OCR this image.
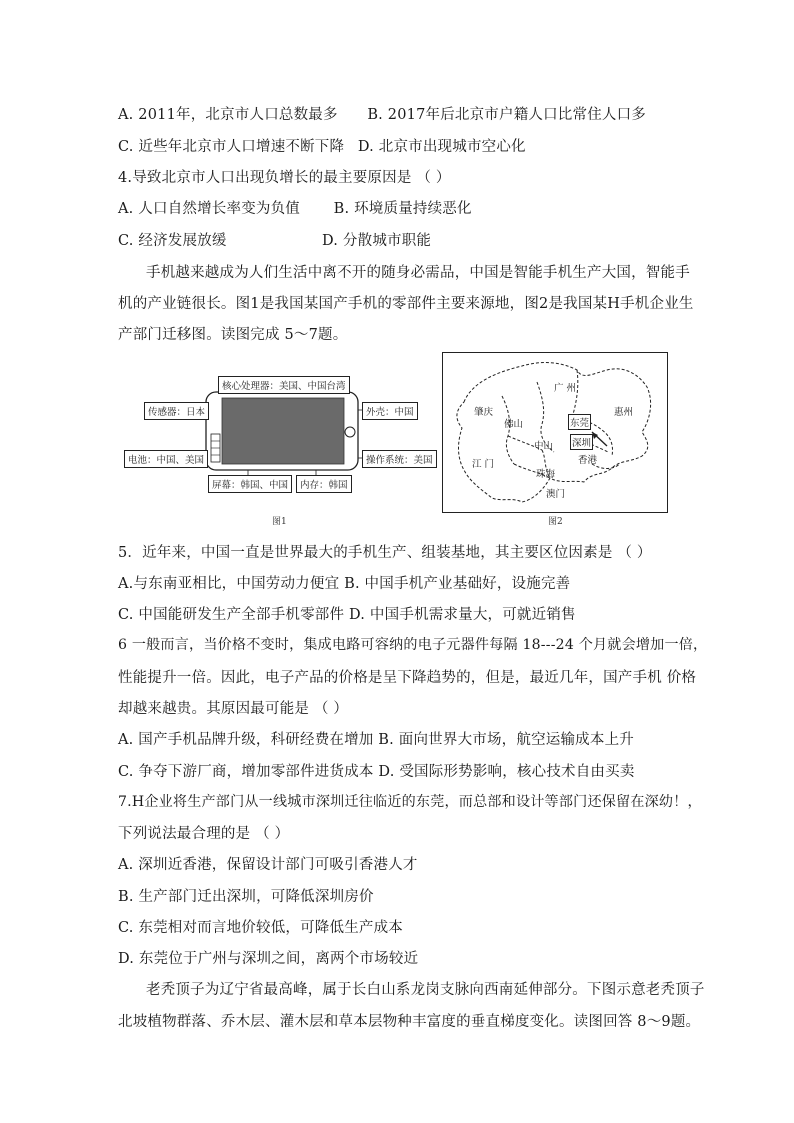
A. 2011年，北京市人口总数最多 B. 2017年后北京市户籍人口比常住人口多
C. 近些年北京市人口增速不断下降 D. 北京市出现城市空心化
4.导致北京市人口出现负增长的最主要原因是 （ ）
A. 人口自然增长率变为负值 B. 环境质量持续恶化
C. 经济发展放缓	D. 分散城市职能
手机越来越成为人们生活中离不开的随身必需品，中国是智能手机生产大国，智能手
机的产业链很长。图1是我国某国产手机的零部件主要来源地，图2是我国某H手机企业生
产部门迁移图。读图完成 5～7题。
核心处理器：美国、中国台湾
传感器：日本	外壳：中国
电池：中国、美国	操作系统：美国
屏幕：韩国、中国	内存：韩国
图1
广 州
肇庆
佛山
惠州
东莞
深圳
中山
江 门
珠海
香港
澳门
图2
5．近年来，中国一直是世界最大的手机生产、组装基地，其主要区位因素是 （ ）
A.与东南亚相比，中国劳动力便宜 B. 中国手机产业基础好，设施完善
C. 中国能研发生产全部手机零部件 D. 中国手机需求量大，可就近销售
6 一般而言，当价格不变时，集成电路可容纳的电子元器件每隔 18---24 个月就会增加一倍，
性能提升一倍。因此，电子产品的价格是呈下降趋势的，但是，最近几年，国产手机 价格
却越来越贵。其原因最可能是 （ ）
A. 国产手机品牌升级，科研经费在增加 B. 面向世界大市场，航空运输成本上升
C. 争夺下游厂商，增加零部件进货成本 D. 受国际形势影响，核心技术自由买卖
7.H企业将生产部门从一线城市深圳迁往临近的东莞，而总部和设计等部门还保留在深幼！，
下列说法最合理的是 （ ）
A. 深圳近香港，保留设计部门可吸引香港人才
B. 生产部门迁出深圳，可降低深圳房价
C. 东莞相对而言地价较低，可降低生产成本
D. 东莞位于广州与深圳之间，离两个市场较近
老秃顶子为辽宁省最高峰，属于长白山系龙岗支脉向西南延伸部分。下图示意老秃顶子
北坡植物群落、乔木层、灌木层和草本层物种丰富度的垂直梯度变化。读图回答 8～9题。
